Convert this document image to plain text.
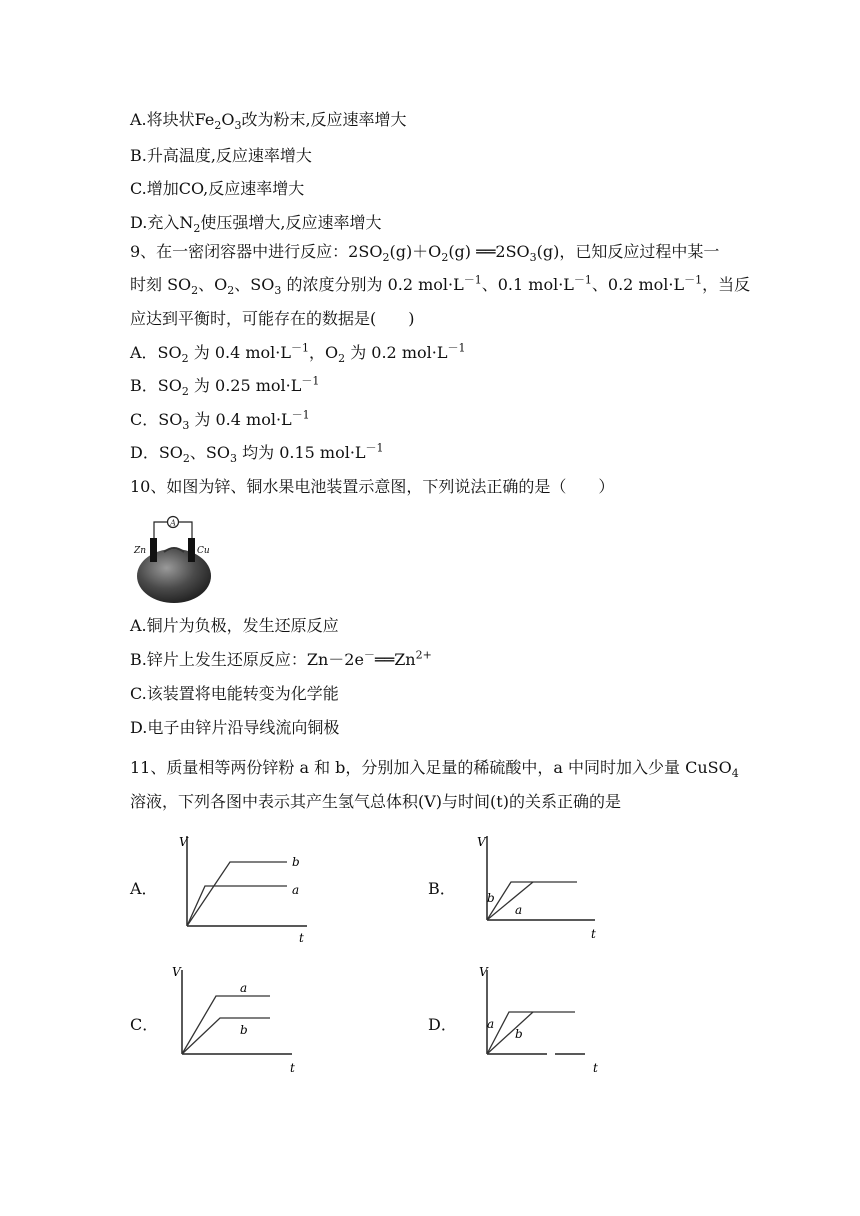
A.将块状$Fe_2O_3$改为粉末,反应速率增大
B.升高温度,反应速率增大
C.增加CO,反应速率增大
D.充入$N_2$使压强增大,反应速率增大
9、在一密闭容器中进行反应：$2SO_2(g)+O_2(g)$ $══2SO_3(g)$，已知反应过程中某一
时刻 $SO_2$、$O_2$、$SO_3$ 的浓度分别为 0.2 $mol\cdot L^{-1}$、0.1 $mol\cdot L^{-1}$、0.2 $mol\cdot L^{-1}$，当反
应达到平衡时，可能存在的数据是(　　)
A．$SO_2$ 为 0.4 $mol\cdot L^{-1}$，$O_2$ 为 0.2 $mol\cdot L^{-1}$
B．$SO_2$ 为 0.25 $mol\cdot L^{-1}$
C．$SO_3$ 为 0.4 $mol\cdot L^{-1}$
D．$SO_2$、$SO_3$ 均为 0.15 $mol\cdot L^{-1}$
10、如图为锌、铜水果电池装置示意图，下列说法正确的是（　　）
A
Zn	Cu
A.铜片为负极，发生还原反应
B.锌片上发生还原反应：$Zn-2e^-══Zn^{2+}$
C.该装置将电能转变为化学能
D.电子由锌片沿导线流向铜极
11、质量相等两份锌粉 a 和 b，分别加入足量的稀硫酸中，a 中同时加入少量 CuSO$_4$
溶液，下列各图中表示其产生氢气总体积(V)与时间(t)的关系正确的是
A．	B．
C．	D．
V
t
b
a
V
t
b
a
V
t
a
b
V
t
a
b
